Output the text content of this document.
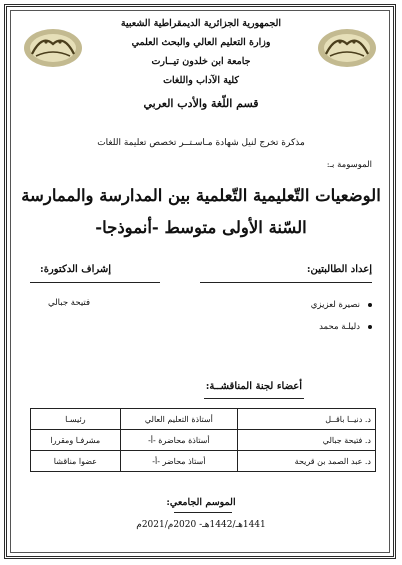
الجمهورية الجزائرية الديمقراطية الشعبية
وزارة التعليم العالي والبحث العلمي
جامعة ابن خلدون تيــارت
كلية الآداب واللغات
قسم اللّغة والأدب العربي
مذكرة تخرج لنيل شهادة مـاسـتــر تخصص تعليمة اللغات
الموسومة بـ:
الوضعيات التّعليمية التّعلمية بين المدارسة والممارسة
السّنة الأولى متوسط -أنموذجا-
إعداد الطالبتين:
إشراف الدكتورة:
نصيرة لعزيزي
دليلـة محمد
فتيحة جبالي
أعضاء لجنة المناقشــة:
د. دنيــا باقــل	أستاذة التعليم العالي	رئيسـا
د. فتيحة جبالي	أستاذة محاضرة -أ-	مشرفـا ومقررا
د. عبد الصمد بن قريحة	أستاذ محاضر -أ-	عضوا مناقشا
الموسم الجامعي:
1441هـ/1442هـ- 2020م/2021م
